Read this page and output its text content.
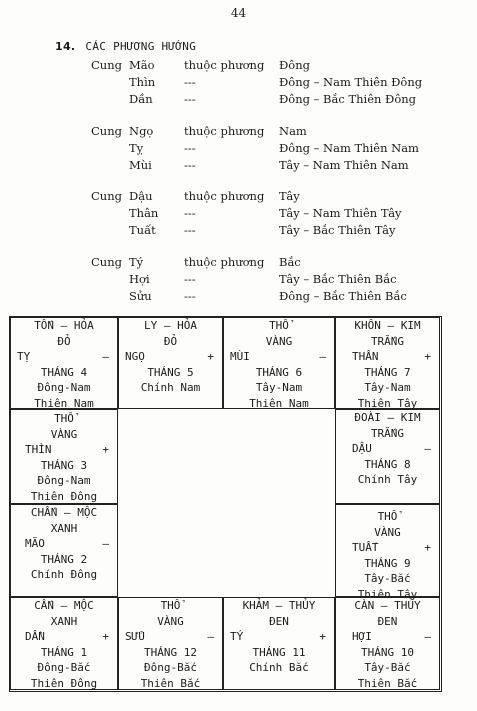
44
14. CÁC PHƯƠNG HƯỚNG
Cung Mão	thuộc phương Đông
Thìn	---	Đông – Nam Thiên Đông
Dần	---	Đông – Bắc Thiên Đông
Cung Ngọ	thuộc phương Nam
Tỵ	---	Đông – Nam Thiên Nam
Mùi	---	Tây – Nam Thiên Nam
Cung Dậu	thuộc phương Tây
Thân ---	Tây – Nam Thiên Tây
Tuất ---	Tây – Bắc Thiên Tây
Cung Tý	thuộc phương Bắc
Hợi	---	Tây – Bắc Thiên Bắc
Sửu	---	Đông – Bắc Thiên Bắc
TỐN – HỎA
ĐỎ
TỴ	–
THÁNG 4
Đông-Nam
Thiên Nam
LY – HỎA
ĐỎ
NGỌ	+
THÁNG 5
Chính Nam
THỔ
VÀNG
MÙI	–
THÁNG 6
Tây-Nam
Thiên Nam
KHÔN – KIM
TRẮNG
THÂN	+
THÁNG 7
Tây-Nam
Thiên Tây
THỔ
VÀNG
THÌN	+
THÁNG 3
Đông-Nam
Thiên Đông
ĐOÀI – KIM
TRẮNG
DẬU	–
THÁNG 8
Chính Tây
CHẤN – MỘC
XANH
MÃO	–
THÁNG 2
Chính Đông
THỔ
VÀNG
TUẤT	+
THÁNG 9
Tây-Bắc
Thiên Tây
CẤN – MỘC
XANH
DẦN	+
THÁNG 1
Đông-Bắc
Thiên Đông
THỔ
VÀNG
SỬU	–
THÁNG 12
Đông-Bắc
Thiên Bắc
KHẢM – THỦY
ĐEN
TÝ	+
THÁNG 11
Chính Bắc
CÀN – THỦY
ĐEN
HỢI	–
THÁNG 10
Tây-Bắc
Thiên Bắc
